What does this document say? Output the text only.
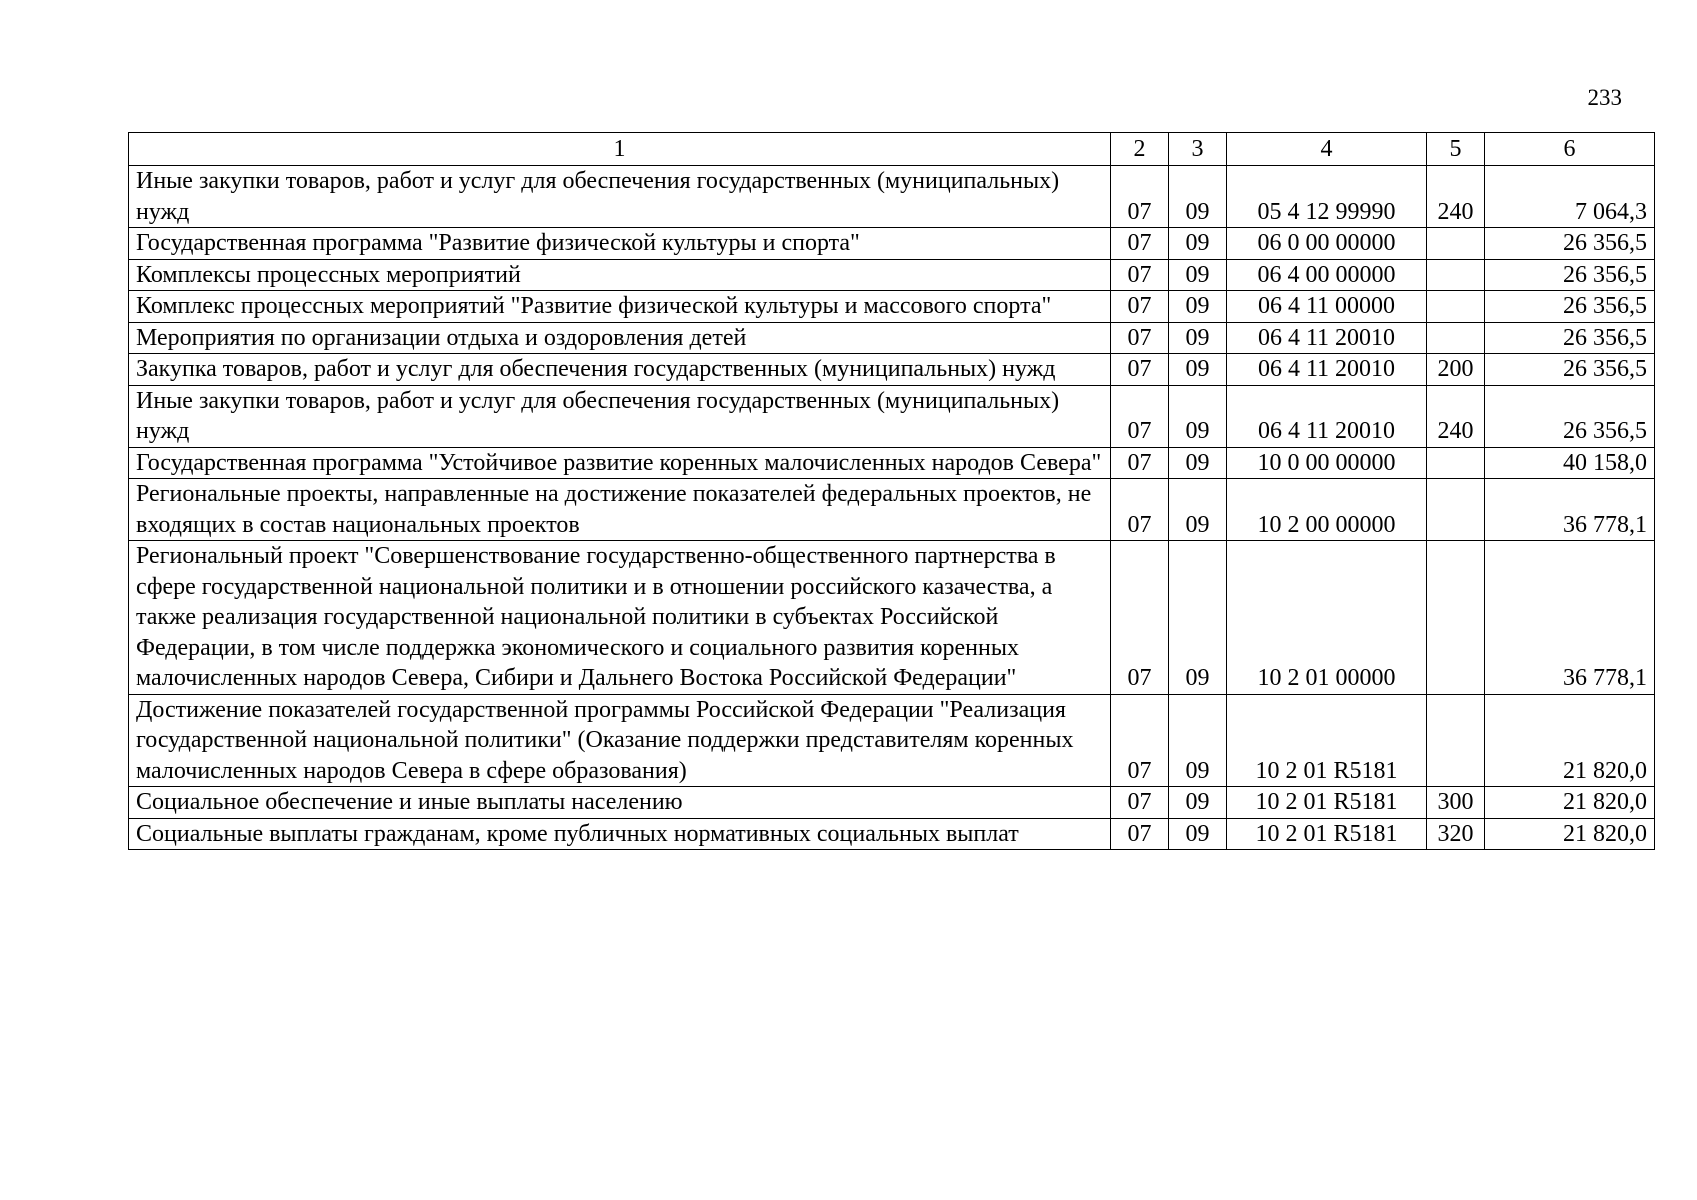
233
1	2	3	4	5	6
Иные закупки товаров, работ и услуг для обеспечения государственных (муниципальных) нужд	07	09	05 4 12 99990	240	7 064,3
Государственная программа "Развитие физической культуры и спорта"	07	09	06 0 00 00000		26 356,5
Комплексы процессных мероприятий	07	09	06 4 00 00000		26 356,5
Комплекс процессных мероприятий "Развитие физической культуры и массового спорта"	07	09	06 4 11 00000		26 356,5
Мероприятия по организации отдыха и оздоровления детей	07	09	06 4 11 20010		26 356,5
Закупка товаров, работ и услуг для обеспечения государственных (муниципальных) нужд	07	09	06 4 11 20010	200	26 356,5
Иные закупки товаров, работ и услуг для обеспечения государственных (муниципальных) нужд	07	09	06 4 11 20010	240	26 356,5
Государственная программа "Устойчивое развитие коренных малочисленных народов Севера"	07	09	10 0 00 00000		40 158,0
Региональные проекты, направленные на достижение показателей федеральных проектов, не входящих в состав национальных проектов	07	09	10 2 00 00000		36 778,1
Региональный проект "Совершенствование государственно-общественного партнерства в сфере государственной национальной политики и в отношении российского казачества, а также реализация государственной национальной политики в субъектах Российской Федерации, в том числе поддержка экономического и социального развития коренных малочисленных народов Севера, Сибири и Дальнего Востока Российской Федерации"	07	09	10 2 01 00000		36 778,1
Достижение показателей государственной программы Российской Федерации "Реализация государственной национальной политики" (Оказание поддержки представителям коренных малочисленных народов Севера в сфере образования)	07	09	10 2 01 R5181		21 820,0
Социальное обеспечение и иные выплаты населению	07	09	10 2 01 R5181	300	21 820,0
Социальные выплаты гражданам, кроме публичных нормативных социальных выплат	07	09	10 2 01 R5181	320	21 820,0
